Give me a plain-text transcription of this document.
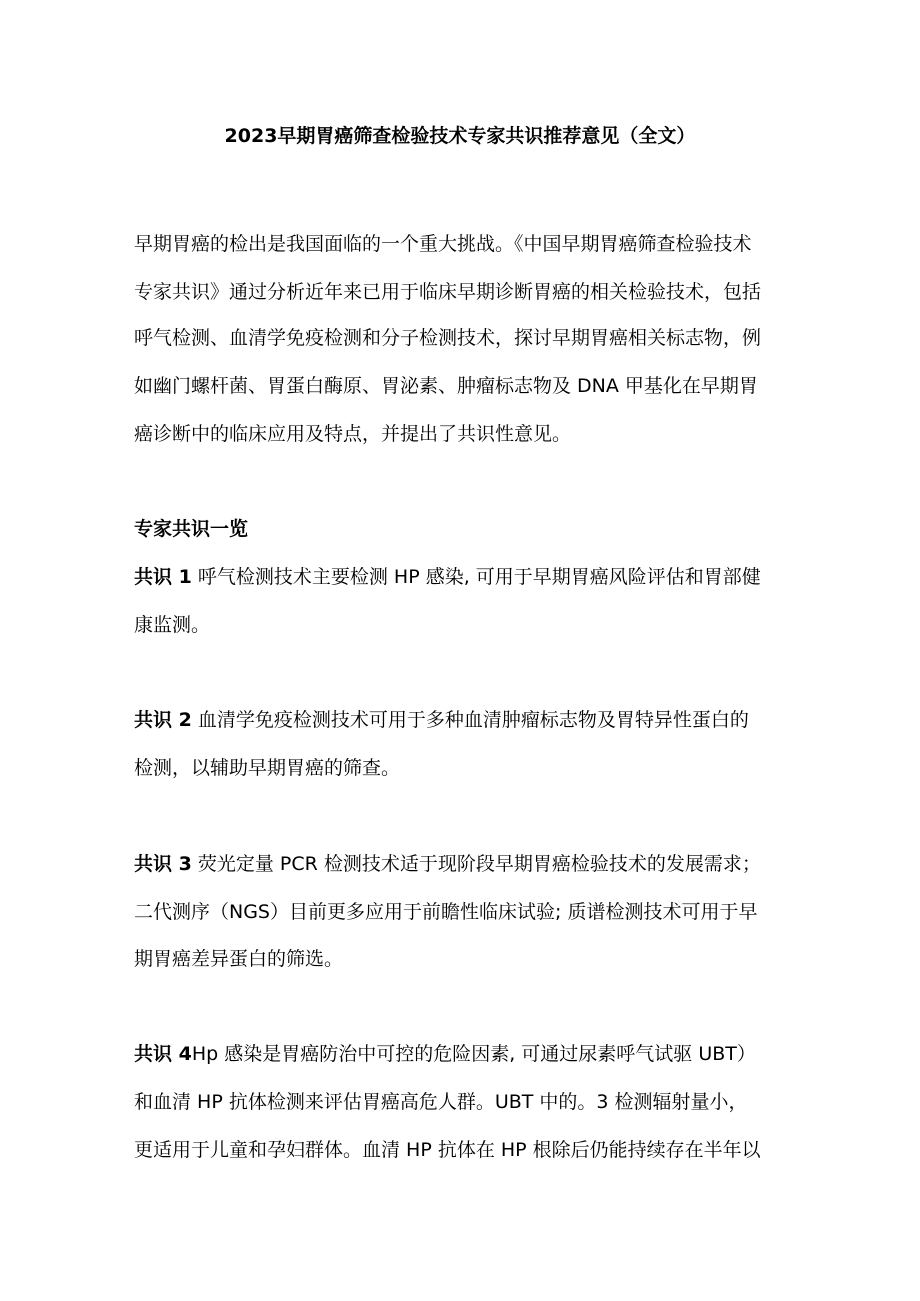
2023早期胃癌筛查检验技术专家共识推荐意见（全文）
早期胃癌的检出是我国面临的一个重大挑战。《中国早期胃癌筛查检验技术
专家共识》通过分析近年来已用于临床早期诊断胃癌的相关检验技术，包括
呼气检测、血清学免疫检测和分子检测技术，探讨早期胃癌相关标志物，例
如幽门螺杆菌、胃蛋白酶原、胃泌素、肿瘤标志物及 DNA 甲基化在早期胃
癌诊断中的临床应用及特点，并提出了共识性意见。
专家共识一览
共识 1 呼气检测技术主要检测 HP 感染, 可用于早期胃癌风险评估和胃部健
康监测。
共识 2 血清学免疫检测技术可用于多种血清肿瘤标志物及胃特异性蛋白的
检测，以辅助早期胃癌的筛查。
共识 3 荧光定量 PCR 检测技术适于现阶段早期胃癌检验技术的发展需求；
二代测序（NGS）目前更多应用于前瞻性临床试验; 质谱检测技术可用于早
期胃癌差异蛋白的筛选。
共识 4Hp 感染是胃癌防治中可控的危险因素, 可通过尿素呼气试驱 UBT）
和血清 HP 抗体检测来评估胃癌高危人群。UBT 中的。3 检测辐射量小，
更适用于儿童和孕妇群体。血清 HP 抗体在 HP 根除后仍能持续存在半年以
